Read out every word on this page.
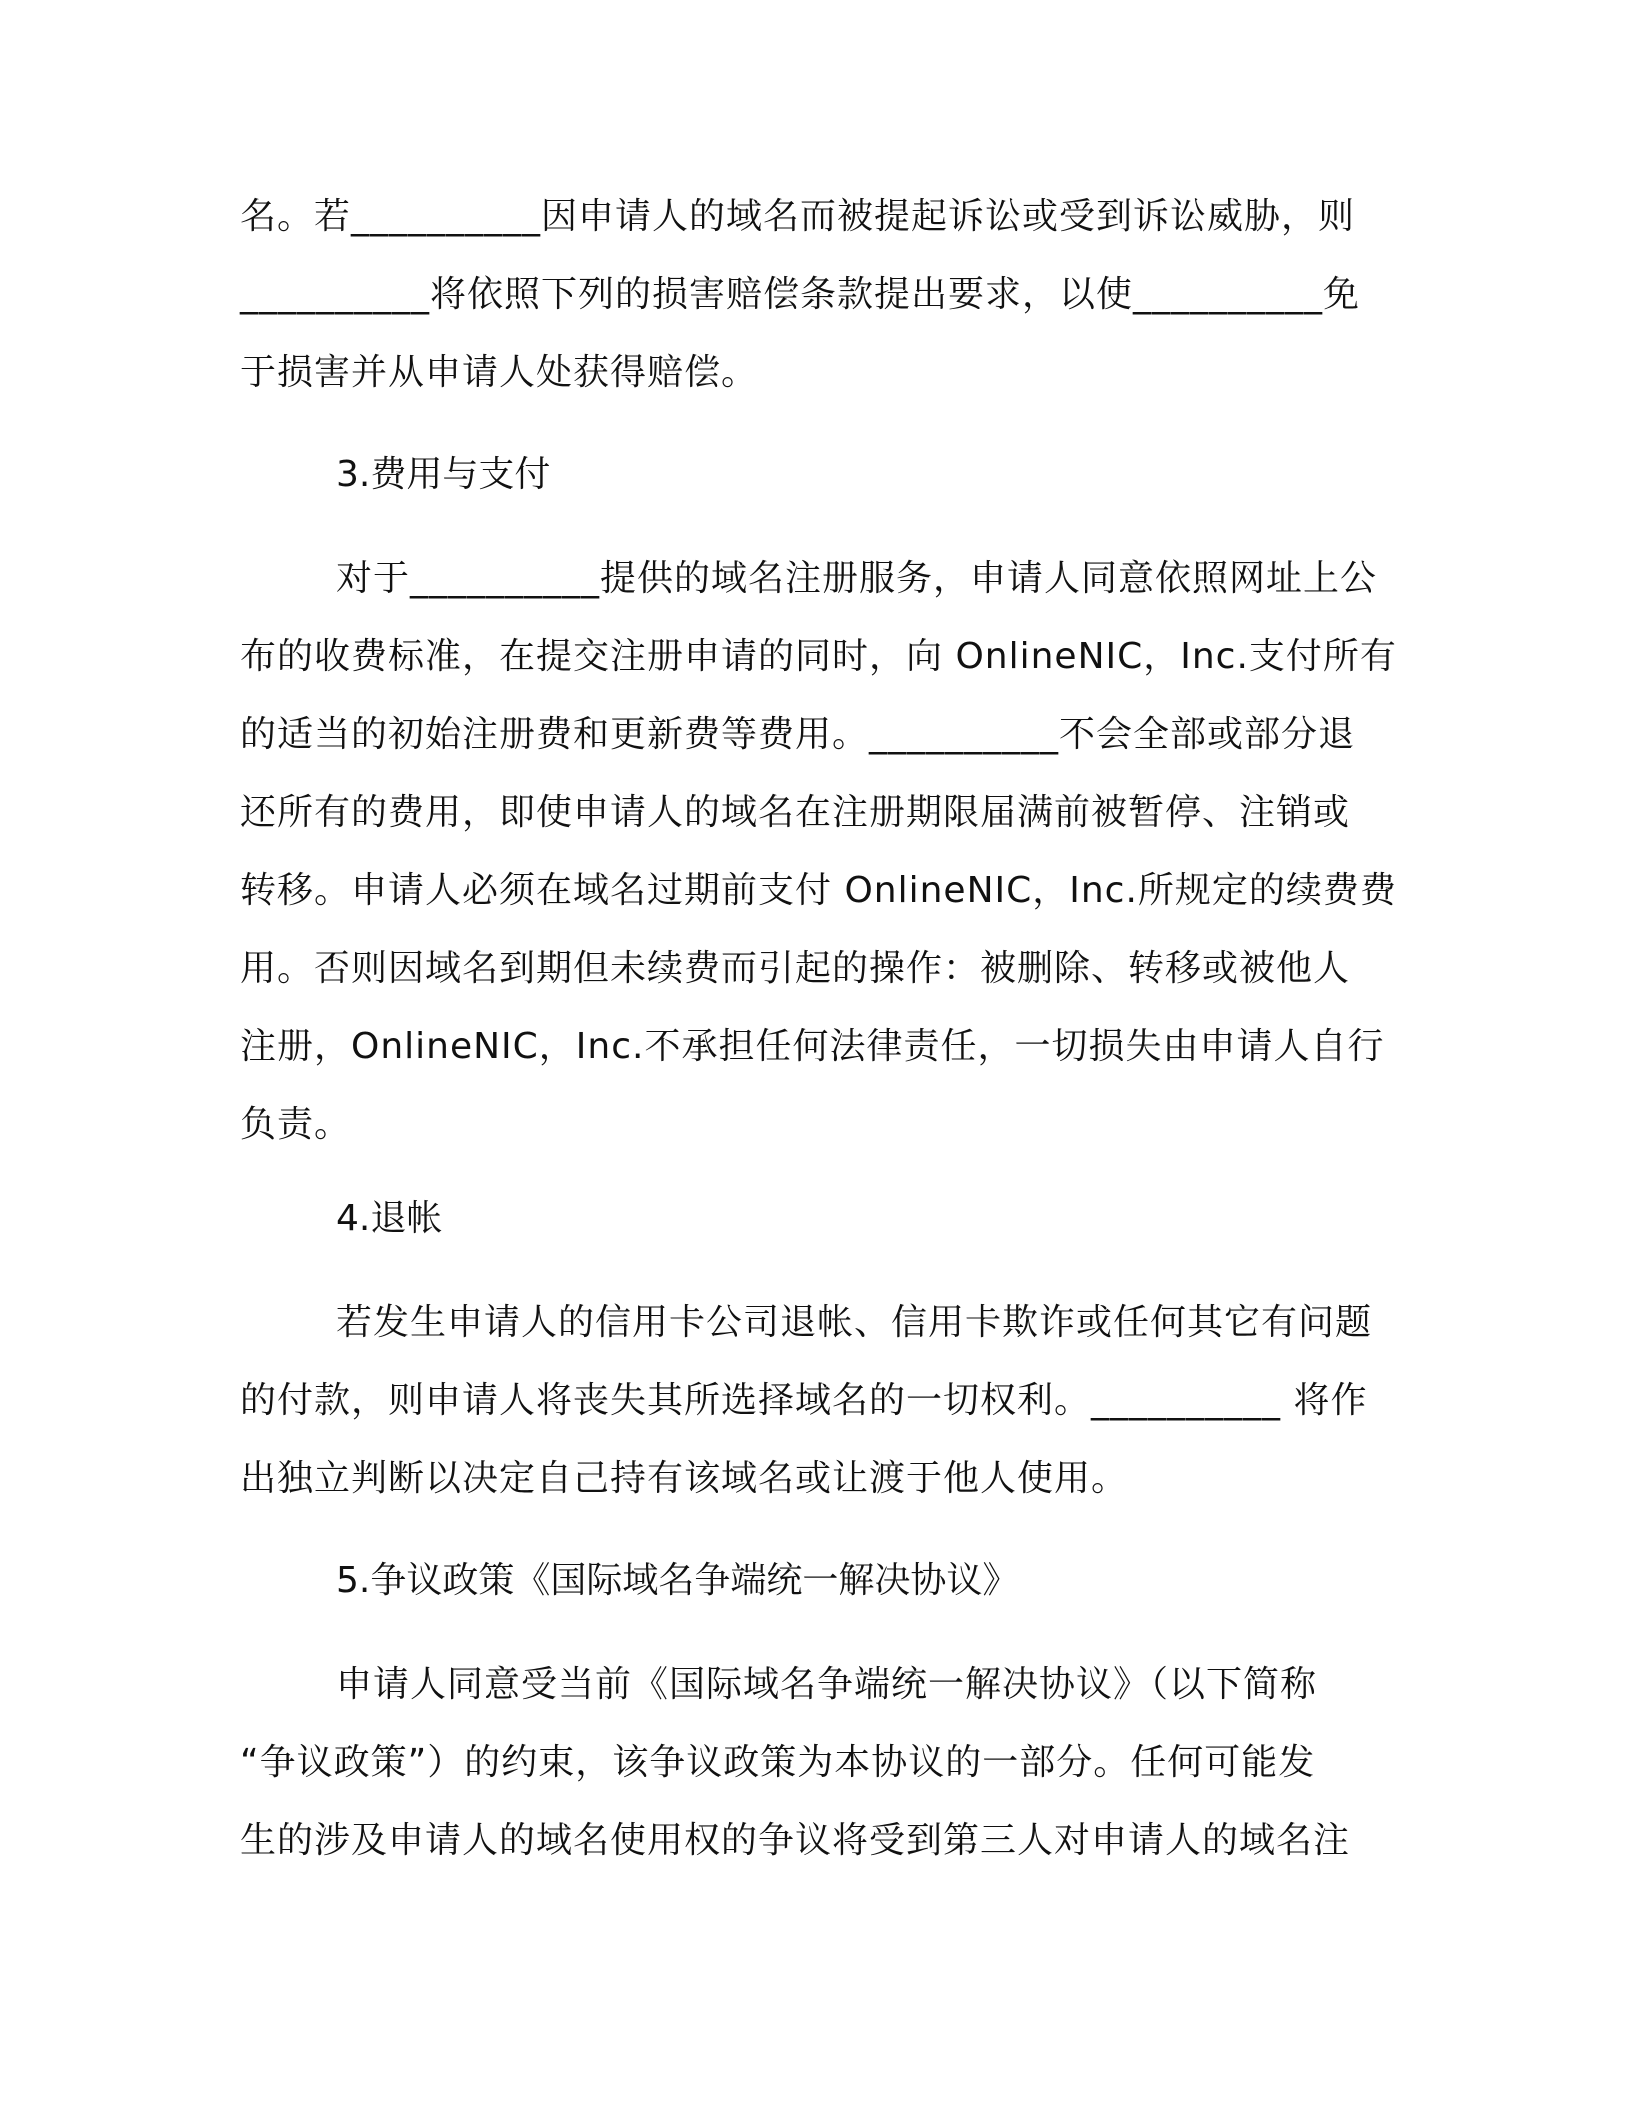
名。若__________因申请人的域名而被提起诉讼或受到诉讼威胁，则
__________将依照下列的损害赔偿条款提出要求，以使__________免
于损害并从申请人处获得赔偿。
3.费用与支付
对于__________提供的域名注册服务，申请人同意依照网址上公
布的收费标准，在提交注册申请的同时，向 OnlineNIC，Inc.支付所有
的适当的初始注册费和更新费等费用。__________不会全部或部分退
还所有的费用，即使申请人的域名在注册期限届满前被暂停、注销或
转移。申请人必须在域名过期前支付 OnlineNIC，Inc.所规定的续费费
用。否则因域名到期但未续费而引起的操作：被删除、转移或被他人
注册，OnlineNIC，Inc.不承担任何法律责任，一切损失由申请人自行
负责。
4.退帐
若发生申请人的信用卡公司退帐、信用卡欺诈或任何其它有问题
的付款，则申请人将丧失其所选择域名的一切权利。__________ 将作
出独立判断以决定自己持有该域名或让渡于他人使用。
5.争议政策《国际域名争端统一解决协议》
申请人同意受当前《国际域名争端统一解决协议》（以下简称
“争议政策”）的约束，该争议政策为本协议的一部分。任何可能发
生的涉及申请人的域名使用权的争议将受到第三人对申请人的域名注
